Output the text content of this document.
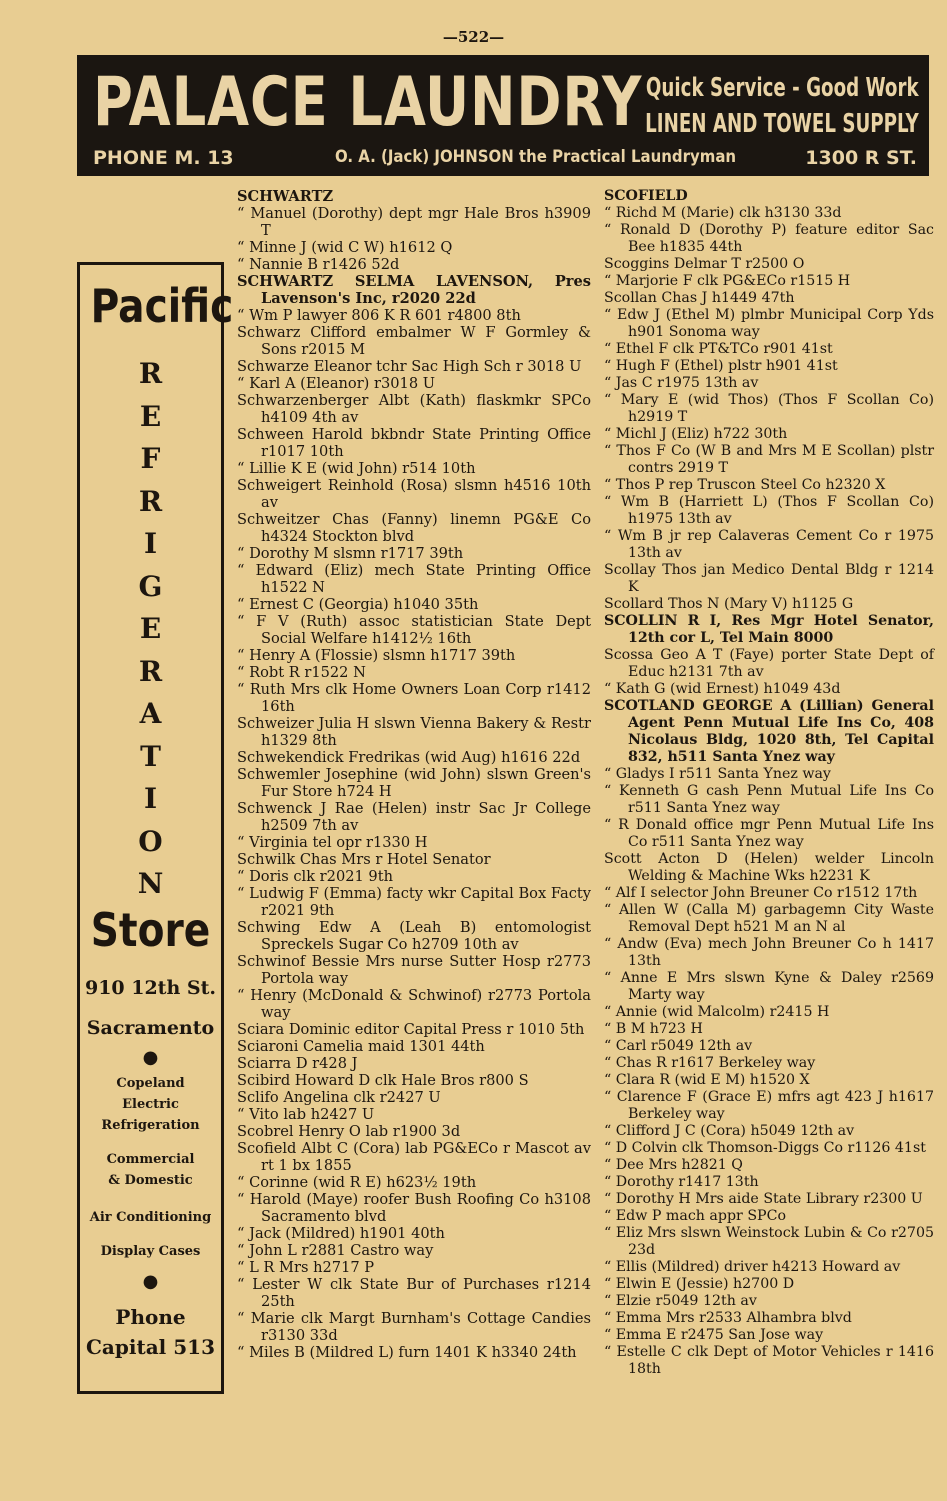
—522—
PALACE LAUNDRY Quick Service - Good Work
LINEN AND TOWEL SUPPLY
PHONE M. 13	O. A. (Jack) JOHNSON the Practical Laundryman	1300 R ST.
Pacific
R
E
F
R
I
G
E
R
A
T
I
O
N
Store
910 12th St.
Sacramento
●
Copeland Electric Refrigeration
Commercial & Domestic
Air Conditioning
Display Cases
●
Phone
Capital 513
SCHWARTZ
“ Manuel (Dorothy) dept mgr Hale Bros h3909 T
“ Minne J (wid C W) h1612 Q
“ Nannie B r1426 52d
SCHWARTZ SELMA LAVENSON, Pres Lavenson's Inc, r2020 22d
“ Wm P lawyer 806 K R 601 r4800 8th
Schwarz Clifford embalmer W F Gormley & Sons r2015 M
Schwarze Eleanor tchr Sac High Sch r 3018 U
“ Karl A (Eleanor) r3018 U
Schwarzenberger Albt (Kath) flaskmkr SPCo h4109 4th av
Schween Harold bkbndr State Printing Office r1017 10th
“ Lillie K E (wid John) r514 10th
Schweigert Reinhold (Rosa) slsmn h4516 10th av
Schweitzer Chas (Fanny) linemn PG&E Co h4324 Stockton blvd
“ Dorothy M slsmn r1717 39th
“ Edward (Eliz) mech State Printing Office h1522 N
“ Ernest C (Georgia) h1040 35th
“ F V (Ruth) assoc statistician State Dept Social Welfare h1412½ 16th
“ Henry A (Flossie) slsmn h1717 39th
“ Robt R r1522 N
“ Ruth Mrs clk Home Owners Loan Corp r1412 16th
Schweizer Julia H slswn Vienna Bakery & Restr h1329 8th
Schwekendick Fredrikas (wid Aug) h1616 22d
Schwemler Josephine (wid John) slswn Green's Fur Store h724 H
Schwenck J Rae (Helen) instr Sac Jr College h2509 7th av
“ Virginia tel opr r1330 H
Schwilk Chas Mrs r Hotel Senator
“ Doris clk r2021 9th
“ Ludwig F (Emma) facty wkr Capital Box Facty r2021 9th
Schwing Edw A (Leah B) entomologist Spreckels Sugar Co h2709 10th av
Schwinof Bessie Mrs nurse Sutter Hosp r2773 Portola way
“ Henry (McDonald & Schwinof) r2773 Portola way
Sciara Dominic editor Capital Press r 1010 5th
Sciaroni Camelia maid 1301 44th
Sciarra D r428 J
Scibird Howard D clk Hale Bros r800 S
Sclifo Angelina clk r2427 U
“ Vito lab h2427 U
Scobrel Henry O lab r1900 3d
Scofield Albt C (Cora) lab PG&ECo r Mascot av rt 1 bx 1855
“ Corinne (wid R E) h623½ 19th
“ Harold (Maye) roofer Bush Roofing Co h3108 Sacramento blvd
“ Jack (Mildred) h1901 40th
“ John L r2881 Castro way
“ L R Mrs h2717 P
“ Lester W clk State Bur of Purchases r1214 25th
“ Marie clk Margt Burnham's Cottage Candies r3130 33d
“ Miles B (Mildred L) furn 1401 K h3340 24th
SCOFIELD
“ Richd M (Marie) clk h3130 33d
“ Ronald D (Dorothy P) feature editor Sac Bee h1835 44th
Scoggins Delmar T r2500 O
“ Marjorie F clk PG&ECo r1515 H
Scollan Chas J h1449 47th
“ Edw J (Ethel M) plmbr Municipal Corp Yds h901 Sonoma way
“ Ethel F clk PT&TCo r901 41st
“ Hugh F (Ethel) plstr h901 41st
“ Jas C r1975 13th av
“ Mary E (wid Thos) (Thos F Scollan Co) h2919 T
“ Michl J (Eliz) h722 30th
“ Thos F Co (W B and Mrs M E Scollan) plstr contrs 2919 T
“ Thos P rep Truscon Steel Co h2320 X
“ Wm B (Harriett L) (Thos F Scollan Co) h1975 13th av
“ Wm B jr rep Calaveras Cement Co r 1975 13th av
Scollay Thos jan Medico Dental Bldg r 1214 K
Scollard Thos N (Mary V) h1125 G
SCOLLIN R I, Res Mgr Hotel Senator, 12th cor L, Tel Main 8000
Scossa Geo A T (Faye) porter State Dept of Educ h2131 7th av
“ Kath G (wid Ernest) h1049 43d
SCOTLAND GEORGE A (Lillian) General Agent Penn Mutual Life Ins Co, 408 Nicolaus Bldg, 1020 8th, Tel Capital 832, h511 Santa Ynez way
“ Gladys I r511 Santa Ynez way
“ Kenneth G cash Penn Mutual Life Ins Co r511 Santa Ynez way
“ R Donald office mgr Penn Mutual Life Ins Co r511 Santa Ynez way
Scott Acton D (Helen) welder Lincoln Welding & Machine Wks h2231 K
“ Alf I selector John Breuner Co r1512 17th
“ Allen W (Calla M) garbagemn City Waste Removal Dept h521 M an N al
“ Andw (Eva) mech John Breuner Co h 1417 13th
“ Anne E Mrs slswn Kyne & Daley r2569 Marty way
“ Annie (wid Malcolm) r2415 H
“ B M h723 H
“ Carl r5049 12th av
“ Chas R r1617 Berkeley way
“ Clara R (wid E M) h1520 X
“ Clarence F (Grace E) mfrs agt 423 J h1617 Berkeley way
“ Clifford J C (Cora) h5049 12th av
“ D Colvin clk Thomson-Diggs Co r1126 41st
“ Dee Mrs h2821 Q
“ Dorothy r1417 13th
“ Dorothy H Mrs aide State Library r2300 U
“ Edw P mach appr SPCo
“ Eliz Mrs slswn Weinstock Lubin & Co r2705 23d
“ Ellis (Mildred) driver h4213 Howard av
“ Elwin E (Jessie) h2700 D
“ Elzie r5049 12th av
“ Emma Mrs r2533 Alhambra blvd
“ Emma E r2475 San Jose way
“ Estelle C clk Dept of Motor Vehicles r 1416 18th
